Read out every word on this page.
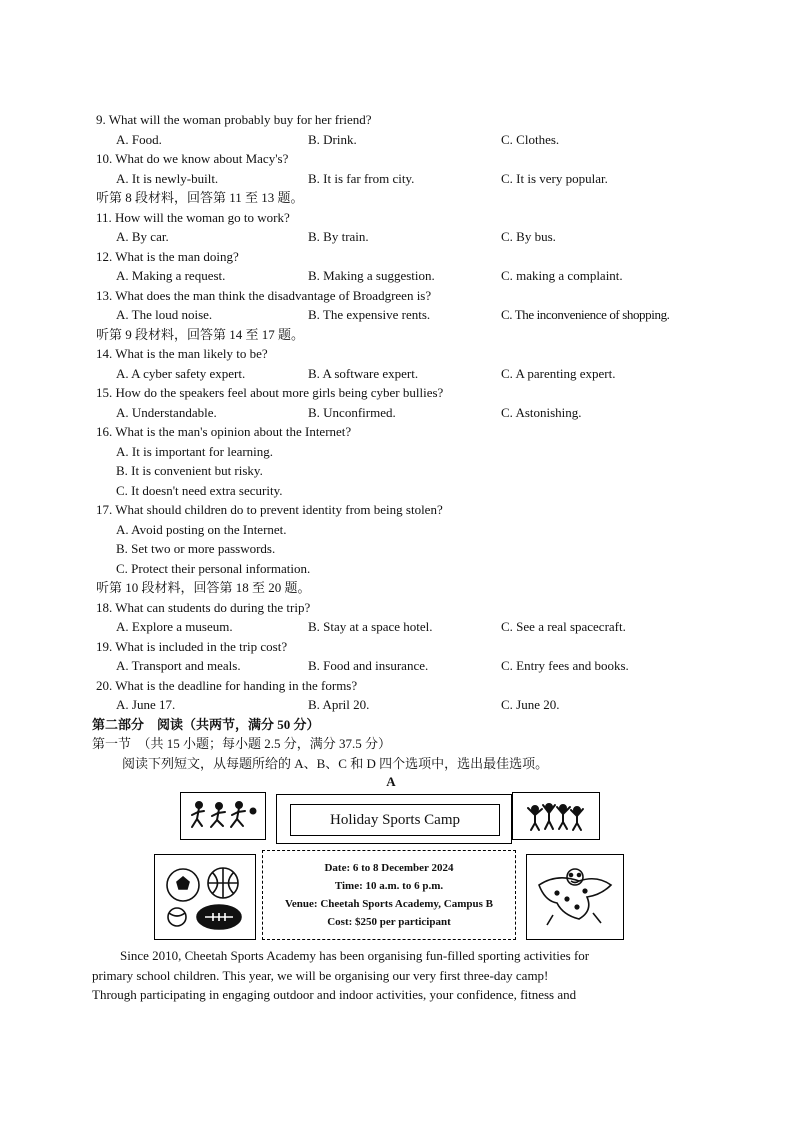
9. What will the woman probably buy for her friend?
A. Food.	B. Drink.	C. Clothes.
10. What do we know about Macy's?
A. It is newly-built.	B. It is far from city.	C. It is very popular.
听第 8 段材料，回答第 11 至 13 题。
11. How will the woman go to work?
A. By car.	B. By train.	C. By bus.
12. What is the man doing?
A. Making a request.	B. Making a suggestion.	C. making a complaint.
13. What does the man think the disadvantage of Broadgreen is?
A. The loud noise.	B. The expensive rents.	C. The inconvenience of shopping.
听第 9 段材料，回答第 14 至 17 题。
14. What is the man likely to be?
A. A cyber safety expert.	B. A software expert.	C. A parenting expert.
15. How do the speakers feel about more girls being cyber bullies?
A. Understandable.	B. Unconfirmed.	C. Astonishing.
16. What is the man's opinion about the Internet?
A. It is important for learning.
B. It is convenient but risky.
C. It doesn't need extra security.
17. What should children do to prevent identity from being stolen?
A. Avoid posting on the Internet.
B. Set two or more passwords.
C. Protect their personal information.
听第 10 段材料，回答第 18 至 20 题。
18. What can students do during the trip?
A. Explore a museum.	B. Stay at a space hotel.	C. See a real spacecraft.
19. What is included in the trip cost?
A. Transport and meals.	B. Food and insurance.	C. Entry fees and books.
20. What is the deadline for handing in the forms?
A. June 17.	B. April 20.	C. June 20.
第二部分　阅读（共两节，满分 50 分）
第一节　（共 15 小题；每小题 2.5 分，满分 37.5 分）
阅读下列短文，从每题所给的 A、B、C 和 D 四个选项中，选出最佳选项。
A
Holiday Sports Camp
Date: 6 to 8 December 2024
Time: 10 a.m. to 6 p.m.
Venue: Cheetah Sports Academy, Campus B
Cost: $250 per participant
Since 2010, Cheetah Sports Academy has been organising fun-filled sporting activities for
primary school children. This year, we will be organising our very first three-day camp!
Through participating in engaging outdoor and indoor activities, your confidence, fitness and
